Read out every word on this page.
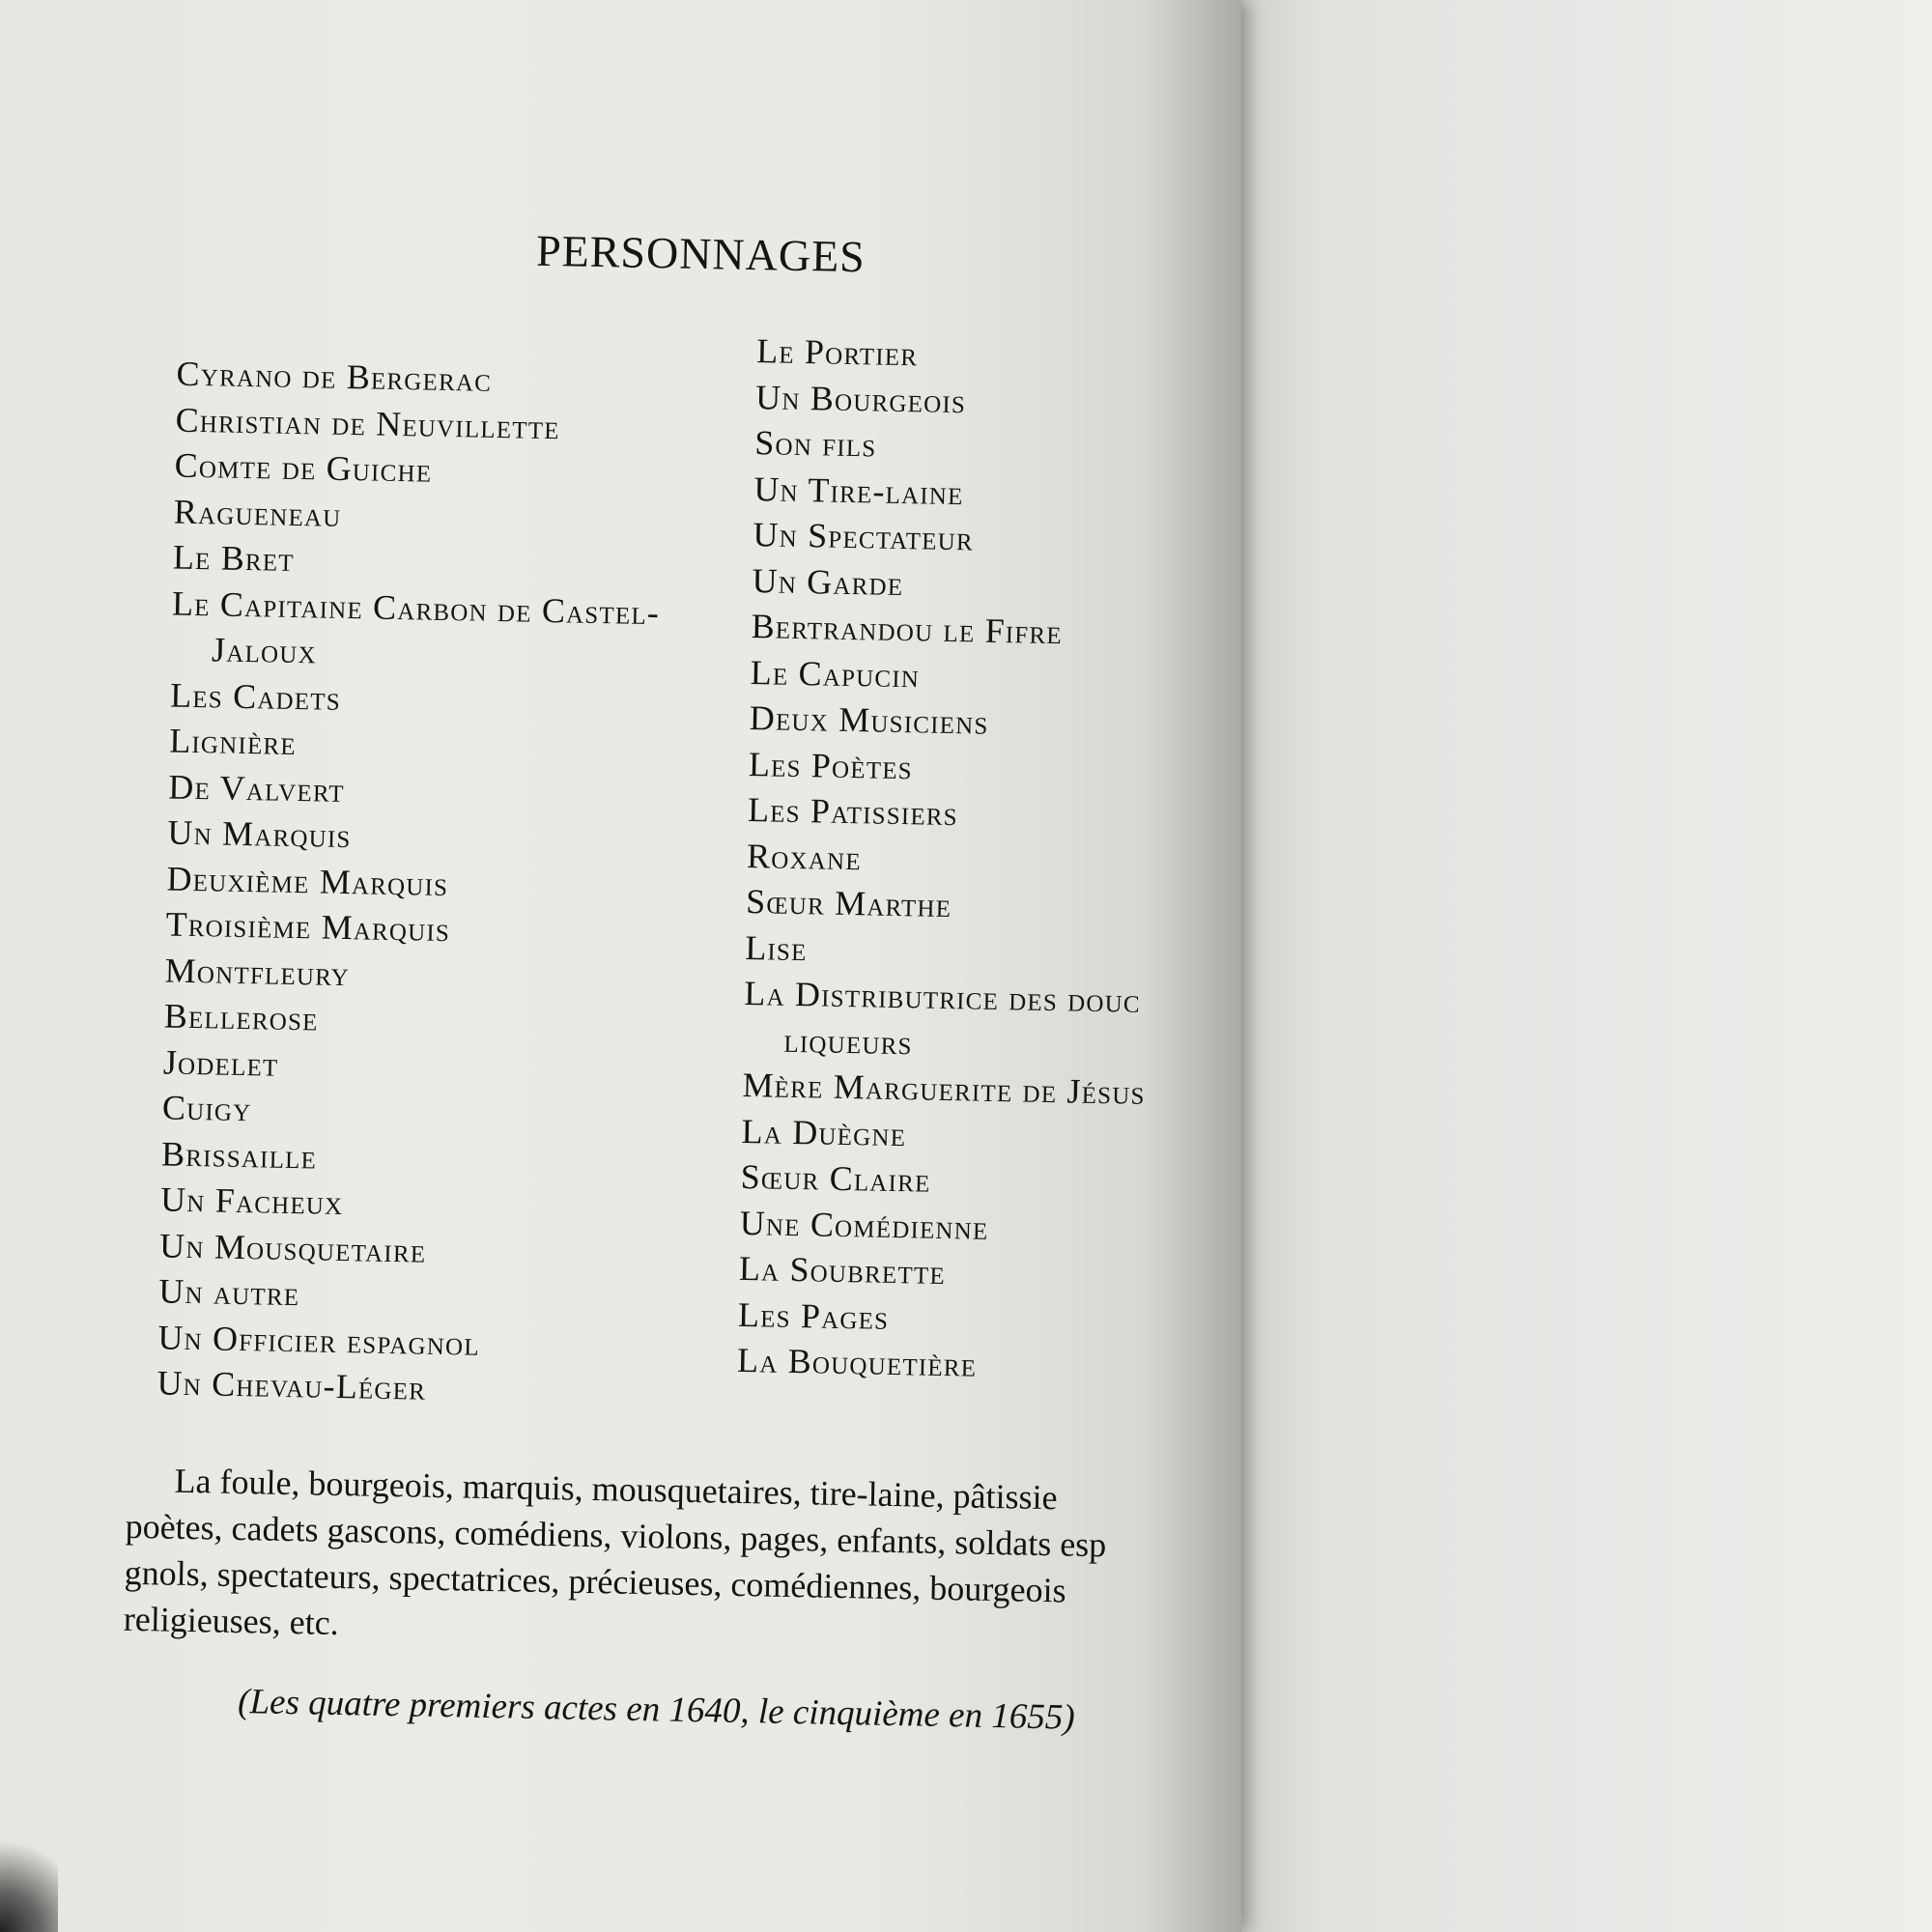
PERSONNAGES
Cyrano de Bergerac
Christian de Neuvillette
Comte de Guiche
Ragueneau
Le Bret
Le Capitaine Carbon de Castel-
Jaloux
Les Cadets
Lignière
De Valvert
Un Marquis
Deuxième Marquis
Troisième Marquis
Montfleury
Bellerose
Jodelet
Cuigy
Brissaille
Un Facheux
Un Mousquetaire
Un autre
Un Officier espagnol
Un Chevau-Léger
Le Portier
Un Bourgeois
Son fils
Un Tire-laine
Un Spectateur
Un Garde
Bertrandou le Fifre
Le Capucin
Deux Musiciens
Les Poètes
Les Patissiers
Roxane
Sœur Marthe
Lise
La Distributrice des douc
liqueurs
Mère Marguerite de Jésus
La Duègne
Sœur Claire
Une Comédienne
La Soubrette
Les Pages
La Bouquetière

La foule, bourgeois, marquis, mousquetaires, tire-laine, pâtissie
poètes, cadets gascons, comédiens, violons, pages, enfants, soldats esp
gnols, spectateurs, spectatrices, précieuses, comédiennes, bourgeois
religieuses, etc.

(Les quatre premiers actes en 1640, le cinquième en 1655)
